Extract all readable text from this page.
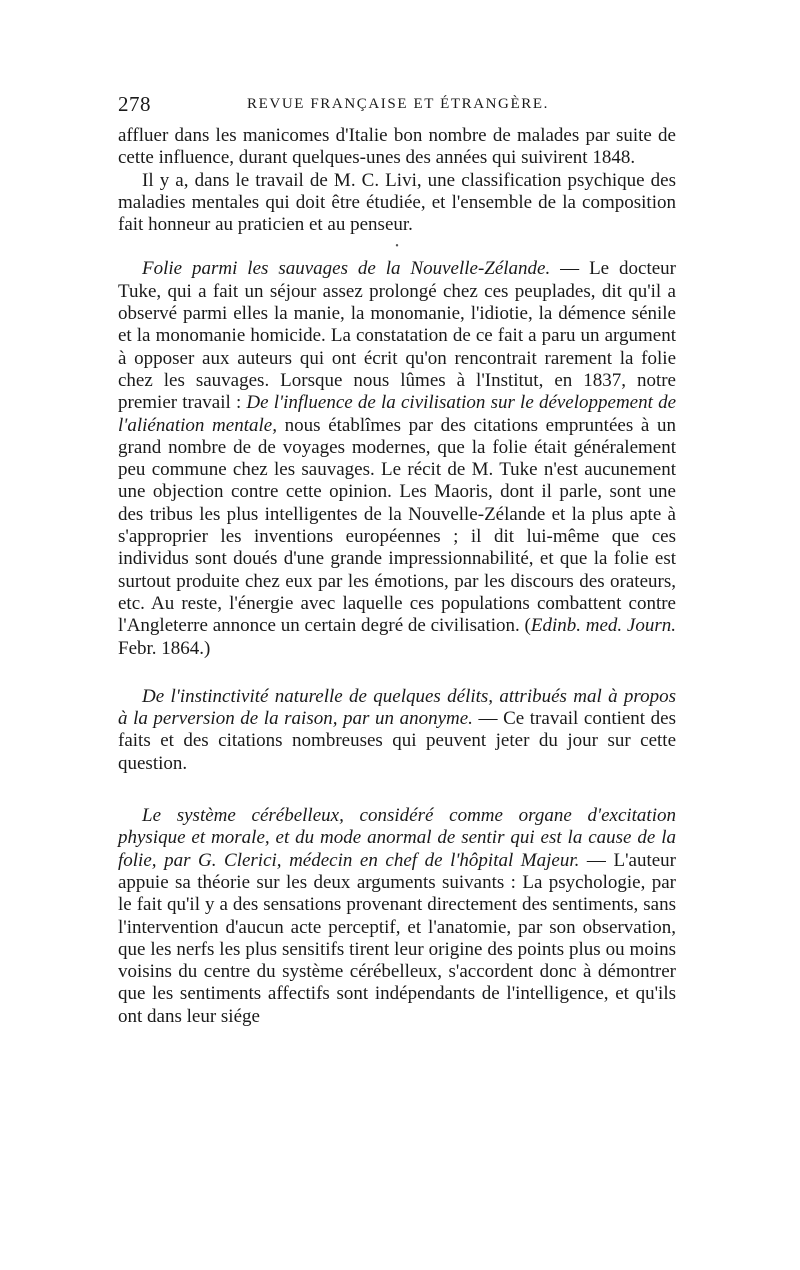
278	REVUE FRANÇAISE ET ÉTRANGÈRE.

affluer dans les manicomes d'Italie bon nombre de malades par suite de cette influence, durant quelques-unes des années qui suivirent 1848.

Il y a, dans le travail de M. C. Livi, une classification psychique des maladies mentales qui doit être étudiée, et l'ensemble de la composition fait honneur au praticien et au penseur.

•

Folie parmi les sauvages de la Nouvelle-Zélande. — Le docteur Tuke, qui a fait un séjour assez prolongé chez ces peuplades, dit qu'il a observé parmi elles la manie, la monomanie, l'idiotie, la démence sénile et la monomanie homicide. La constatation de ce fait a paru un argument à opposer aux auteurs qui ont écrit qu'on rencontrait rarement la folie chez les sauvages. Lorsque nous lûmes à l'Institut, en 1837, notre premier travail : De l'influence de la civilisation sur le développement de l'aliénation mentale, nous établîmes par des citations empruntées à un grand nombre de de voyages modernes, que la folie était généralement peu commune chez les sauvages. Le récit de M. Tuke n'est aucunement une objection contre cette opinion. Les Maoris, dont il parle, sont une des tribus les plus intelligentes de la Nouvelle-Zélande et la plus apte à s'approprier les inventions européennes ; il dit lui-même que ces individus sont doués d'une grande impressionnabilité, et que la folie est surtout produite chez eux par les émotions, par les discours des orateurs, etc. Au reste, l'énergie avec laquelle ces populations combattent contre l'Angleterre annonce un certain degré de civilisation. (Edinb. med. Journ. Febr. 1864.)

De l'instinctivité naturelle de quelques délits, attribués mal à propos à la perversion de la raison, par un anonyme. — Ce travail contient des faits et des citations nombreuses qui peuvent jeter du jour sur cette question.

Le système cérébelleux, considéré comme organe d'excitation physique et morale, et du mode anormal de sentir qui est la cause de la folie, par G. Clerici, médecin en chef de l'hôpital Majeur. — L'auteur appuie sa théorie sur les deux arguments suivants : La psychologie, par le fait qu'il y a des sensations provenant directement des sentiments, sans l'intervention d'aucun acte perceptif, et l'anatomie, par son observation, que les nerfs les plus sensitifs tirent leur origine des points plus ou moins voisins du centre du système cérébelleux, s'accordent donc à démontrer que les sentiments affectifs sont indépendants de l'intelligence, et qu'ils ont dans leur siége
